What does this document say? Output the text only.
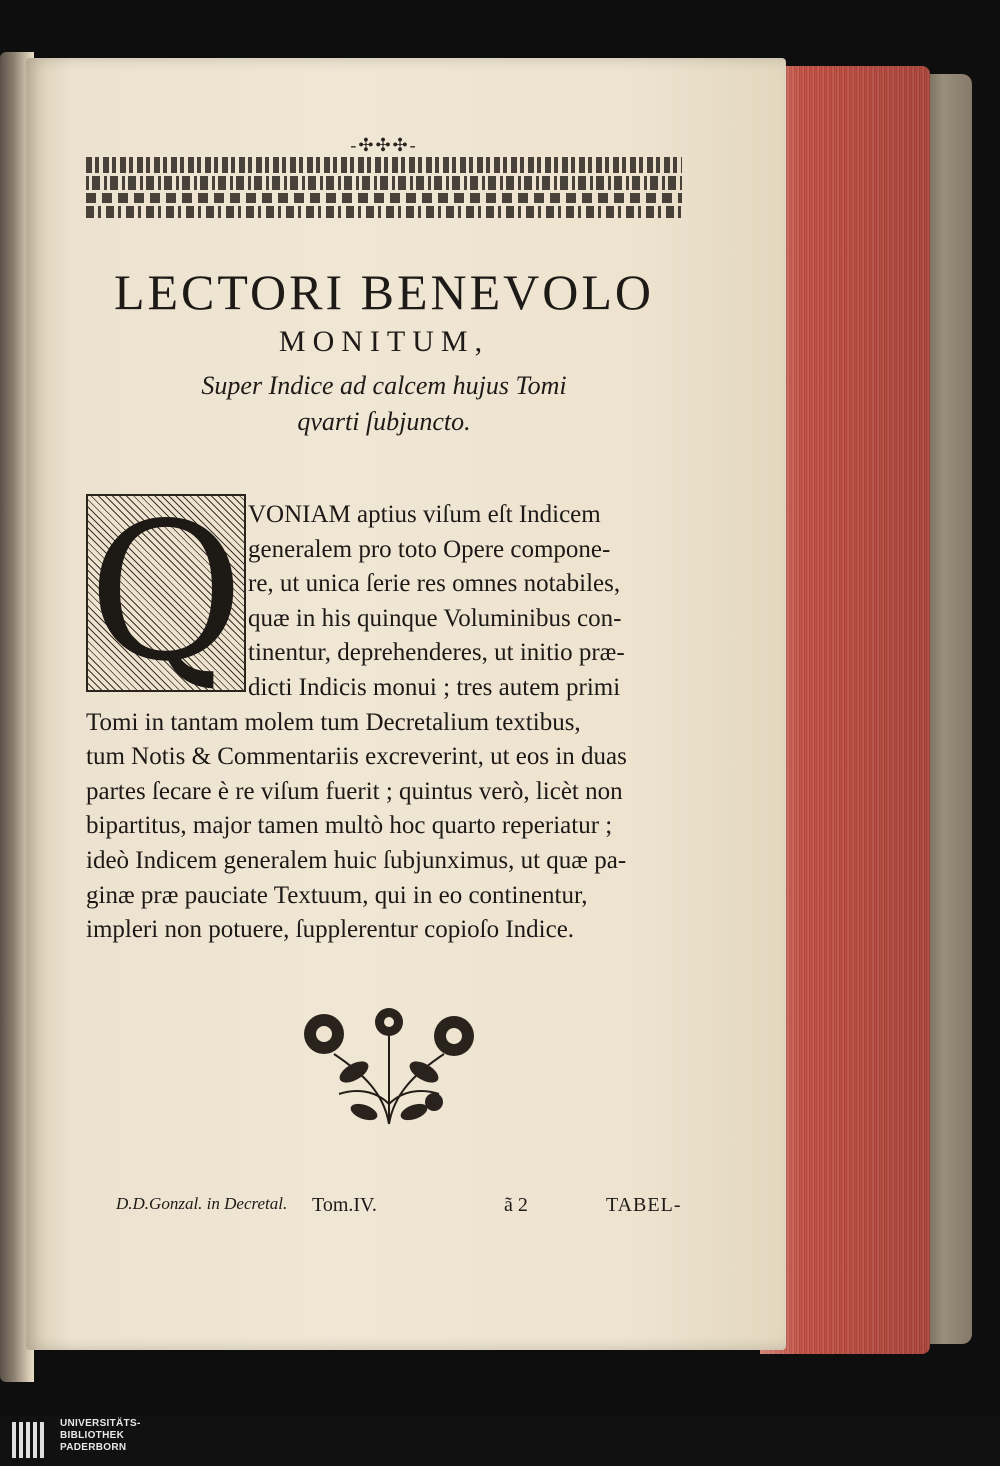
-✣✣✣-
LECTORI BENEVOLO
MONITUM,
Super Indice ad calcem hujus Tomi
qvarti ſubjuncto.
Q VONIAM aptius viſum eſt Indicem
generalem pro toto Opere compone-
re, ut unica ſerie res omnes notabiles,
quæ in his quinque Voluminibus con-
tinentur, deprehenderes, ut initio præ-
dicti Indicis monui ; tres autem primi
Tomi in tantam molem tum Decretalium textibus,
tum Notis & Commentariis excreverint, ut eos in duas
partes ſecare è re viſum fuerit ; quintus verò, licèt non
bipartitus, major tamen multò hoc quarto reperiatur ;
ideò Indicem generalem huic ſubjunximus, ut quæ pa-
ginæ præ pauciate Textuum, qui in eo continentur,
impleri non potuere, ſupplerentur copioſo Indice.
D.D.Gonzal. in Decretal. Tom.IV.	ã 2	TABEL-
UNIVERSITÄTS-
BIBLIOTHEK
PADERBORN
